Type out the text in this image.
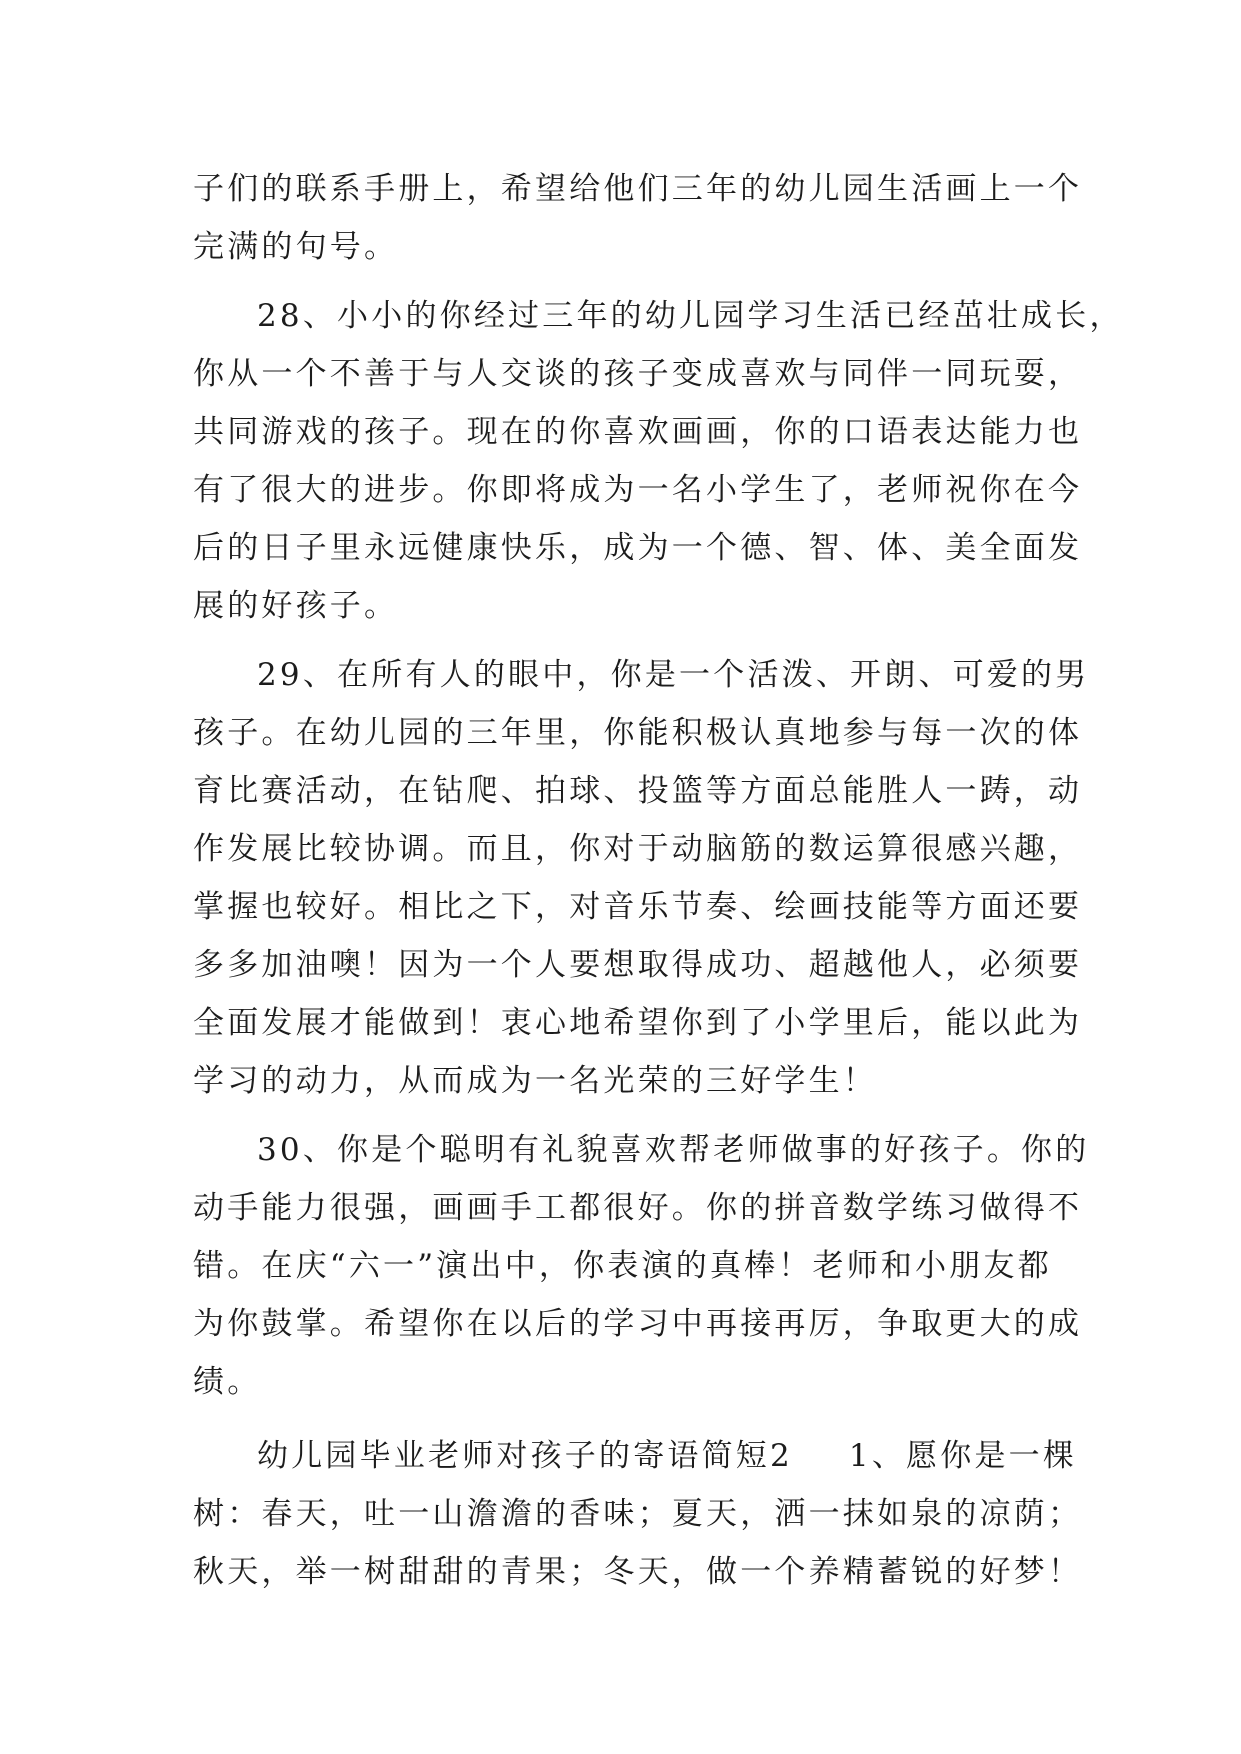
子们的联系手册上，希望给他们三年的幼儿园生活画上一个
完满的句号。
28、小小的你经过三年的幼儿园学习生活已经茁壮成长，
你从一个不善于与人交谈的孩子变成喜欢与同伴一同玩耍，
共同游戏的孩子。现在的你喜欢画画，你的口语表达能力也
有了很大的进步。你即将成为一名小学生了，老师祝你在今
后的日子里永远健康快乐，成为一个德、智、体、美全面发
展的好孩子。
29、在所有人的眼中，你是一个活泼、开朗、可爱的男
孩子。在幼儿园的三年里，你能积极认真地参与每一次的体
育比赛活动，在钻爬、拍球、投篮等方面总能胜人一踌，动
作发展比较协调。而且，你对于动脑筋的数运算很感兴趣，
掌握也较好。相比之下，对音乐节奏、绘画技能等方面还要
多多加油噢！因为一个人要想取得成功、超越他人，必须要
全面发展才能做到！衷心地希望你到了小学里后，能以此为
学习的动力，从而成为一名光荣的三好学生！
30、你是个聪明有礼貌喜欢帮老师做事的好孩子。你的
动手能力很强，画画手工都很好。你的拼音数学练习做得不
错。在庆“六一”演出中，你表演的真棒！老师和小朋友都
为你鼓掌。希望你在以后的学习中再接再厉，争取更大的成
绩。
幼儿园毕业老师对孩子的寄语简短2 1、愿你是一棵
树：春天，吐一山澹澹的香味；夏天，洒一抹如泉的凉荫；
秋天，举一树甜甜的青果；冬天，做一个养精蓄锐的好梦！
